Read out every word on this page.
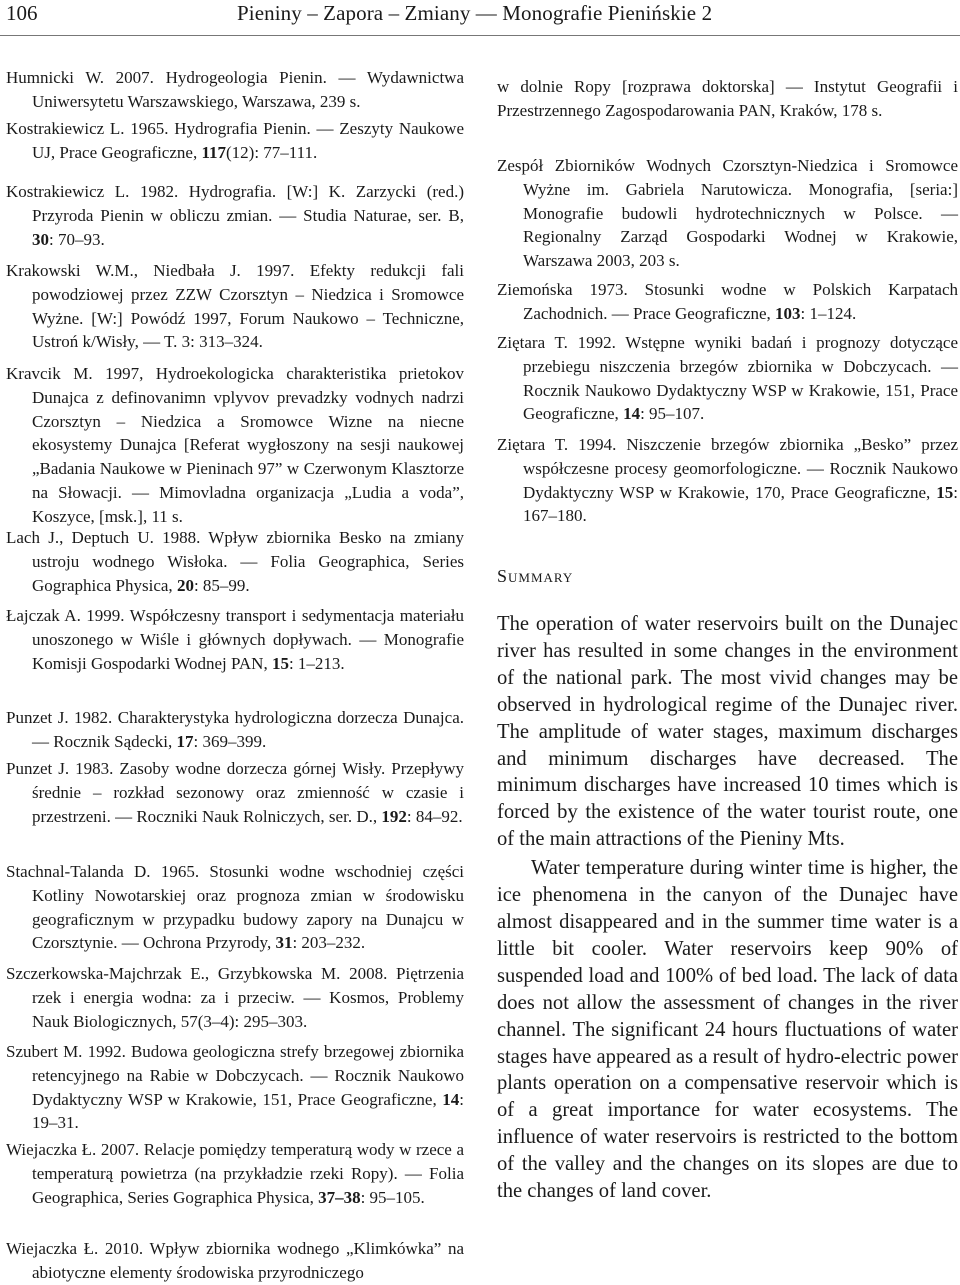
106	Pieniny – Zapora – Zmiany — Monografie Pienińskie 2
Humnicki W. 2007. Hydrogeologia Pienin. — Wydawnictwa Uniwersytetu Warszawskiego, Warszawa, 239 s.
Kostrakiewicz L. 1965. Hydrografia Pienin. — Zeszyty Naukowe UJ, Prace Geograficzne, 117(12): 77–111.
Kostrakiewicz L. 1982. Hydrografia. [W:] K. Zarzycki (red.) Przyroda Pienin w obliczu zmian. — Studia Naturae, ser. B, 30: 70–93.
Krakowski W.M., Niedbała J. 1997. Efekty redukcji fali powodziowej przez ZZW Czorsztyn – Niedzica i Sromowce Wyżne. [W:] Powódź 1997, Forum Naukowo – Techniczne, Ustroń k/Wisły, — T. 3: 313–324.
Kravcik M. 1997, Hydroekologicka charakteristika prietokov Dunajca z definovanimn vplyvov prevadzky vodnych nadrzi Czorsztyn – Niedzica a Sromowce Wizne na niecne ekosystemy Dunajca [Referat wygłoszony na sesji naukowej „Badania Naukowe w Pieninach 97” w Czerwonym Klasztorze na Słowacji. — Mimovladna organizacja „Ludia a voda”, Koszyce, [msk.], 11 s.
Lach J., Deptuch U. 1988. Wpływ zbiornika Besko na zmiany ustroju wodnego Wisłoka. — Folia Geographica, Series Gographica Physica, 20: 85–99.
Łajczak A. 1999. Współczesny transport i sedymentacja materiału unoszonego w Wiśle i głównych dopływach. — Monografie Komisji Gospodarki Wodnej PAN, 15: 1–213.
Punzet J. 1982. Charakterystyka hydrologiczna dorzecza Dunajca. — Rocznik Sądecki, 17: 369–399.
Punzet J. 1983. Zasoby wodne dorzecza górnej Wisły. Przepływy średnie – rozkład sezonowy oraz zmienność w czasie i przestrzeni. — Roczniki Nauk Rolniczych, ser. D., 192: 84–92.
Stachnal-Talanda D. 1965. Stosunki wodne wschodniej części Kotliny Nowotarskiej oraz prognoza zmian w środowisku geograficznym w przypadku budowy zapory na Dunajcu w Czorsztynie. — Ochrona Przyrody, 31: 203–232.
Szczerkowska-Majchrzak E., Grzybkowska M. 2008. Piętrzenia rzek i energia wodna: za i przeciw. — Kosmos, Problemy Nauk Biologicznych, 57(3–4): 295–303.
Szubert M. 1992. Budowa geologiczna strefy brzegowej zbiornika retencyjnego na Rabie w Dobczycach. — Rocznik Naukowo Dydaktyczny WSP w Krakowie, 151, Prace Geograficzne, 14: 19–31.
Wiejaczka Ł. 2007. Relacje pomiędzy temperaturą wody w rzece a temperaturą powietrza (na przykładzie rzeki Ropy). — Folia Geographica, Series Gographica Physica, 37–38: 95–105.
Wiejaczka Ł. 2010. Wpływ zbiornika wodnego „Klimkówka” na abiotyczne elementy środowiska przyrodniczego
w dolnie Ropy [rozprawa doktorska] — Instytut Geografii i Przestrzennego Zagospodarowania PAN, Kraków, 178 s.
Zespół Zbiorników Wodnych Czorsztyn-Niedzica i Sromowce Wyżne im. Gabriela Narutowicza. Monografia, [seria:] Monografie budowli hydrotechnicznych w Polsce. — Regionalny Zarząd Gospodarki Wodnej w Krakowie, Warszawa 2003, 203 s.
Ziemońska 1973. Stosunki wodne w Polskich Karpatach Zachodnich. — Prace Geograficzne, 103: 1–124.
Ziętara T. 1992. Wstępne wyniki badań i prognozy dotyczące przebiegu niszczenia brzegów zbiornika w Dobczycach. — Rocznik Naukowo Dydaktyczny WSP w Krakowie, 151, Prace Geograficzne, 14: 95–107.
Ziętara T. 1994. Niszczenie brzegów zbiornika „Besko” przez współczesne procesy geomorfologiczne. — Rocznik Naukowo Dydaktyczny WSP w Krakowie, 170, Prace Geograficzne, 15: 167–180.
Summary

The operation of water reservoirs built on the Dunajec river has resulted in some changes in the environment of the national park. The most vivid changes may be observed in hydrological regime of the Dunajec river. The amplitude of water stages, maximum discharges and minimum discharges have decreased. The minimum discharges have increased 10 times which is forced by the existence of the water tourist route, one of the main attractions of the Pieniny Mts.

Water temperature during winter time is higher, the ice phenomena in the canyon of the Dunajec have almost disappeared and in the summer time water is a little bit cooler. Water reservoirs keep 90% of suspended load and 100% of bed load. The lack of data does not allow the assessment of changes in the river channel. The significant 24 hours fluctuations of water stages have appeared as a result of hydro-electric power plants operation on a compensative reservoir which is of a great importance for water ecosystems. The influence of water reservoirs is restricted to the bottom of the valley and the changes on its slopes are due to the changes of land cover.
